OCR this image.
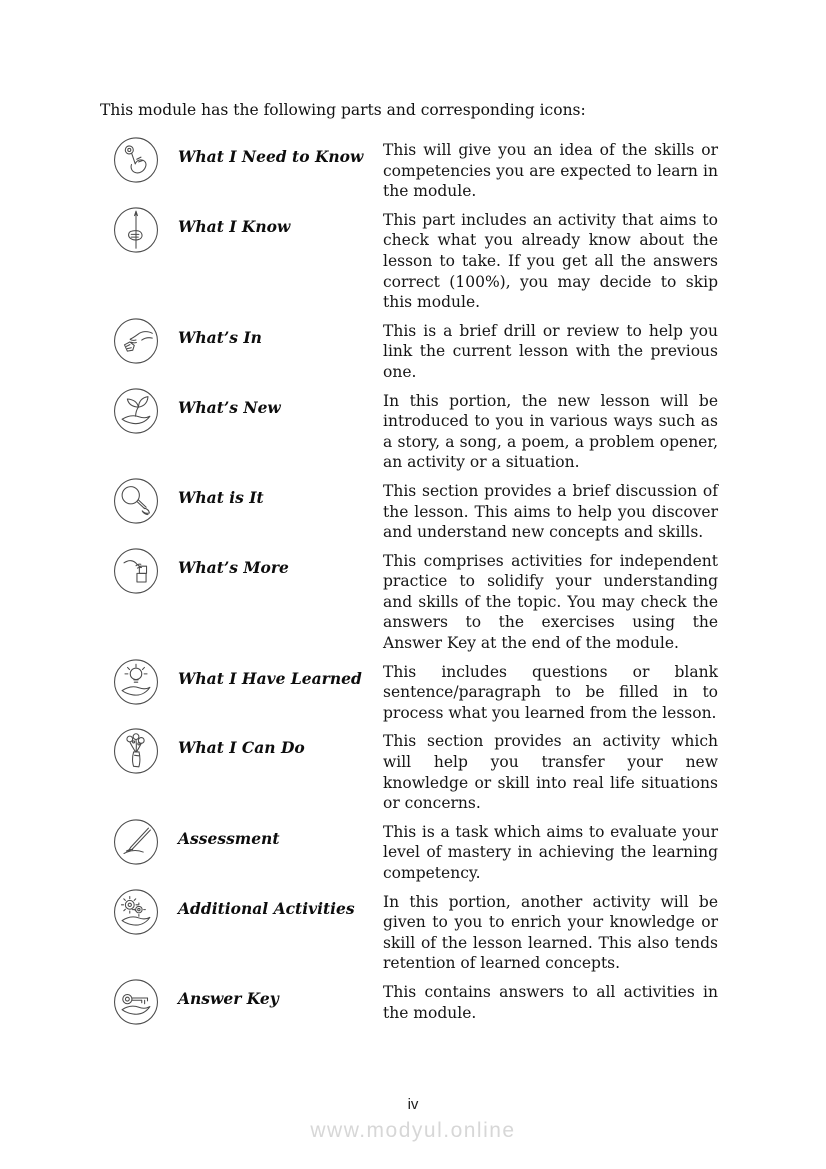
This module has the following parts and corresponding icons:

What I Need to Know	This will give you an idea of the skills or competencies you are expected to learn in the module.
What I Know	This part includes an activity that aims to check what you already know about the lesson to take. If you get all the answers correct (100%), you may decide to skip this module.
What’s In	This is a brief drill or review to help you link the current lesson with the previous one.
What’s New	In this portion, the new lesson will be introduced to you in various ways such as a story, a song, a poem, a problem opener, an activity or a situation.
What is It	This section provides a brief discussion of the lesson. This aims to help you discover and understand new concepts and skills.
What’s More	This comprises activities for independent practice to solidify your understanding and skills of the topic. You may check the answers to the exercises using the Answer Key at the end of the module.
What I Have Learned	This includes questions or blank sentence/paragraph to be filled in to process what you learned from the lesson.
What I Can Do	This section provides an activity which will help you transfer your new knowledge or skill into real life situations or concerns.
Assessment	This is a task which aims to evaluate your level of mastery in achieving the learning competency.
Additional Activities	In this portion, another activity will be given to you to enrich your knowledge or skill of the lesson learned. This also tends retention of learned concepts.
Answer Key	This contains answers to all activities in the module.
iv
www.modyul.online
